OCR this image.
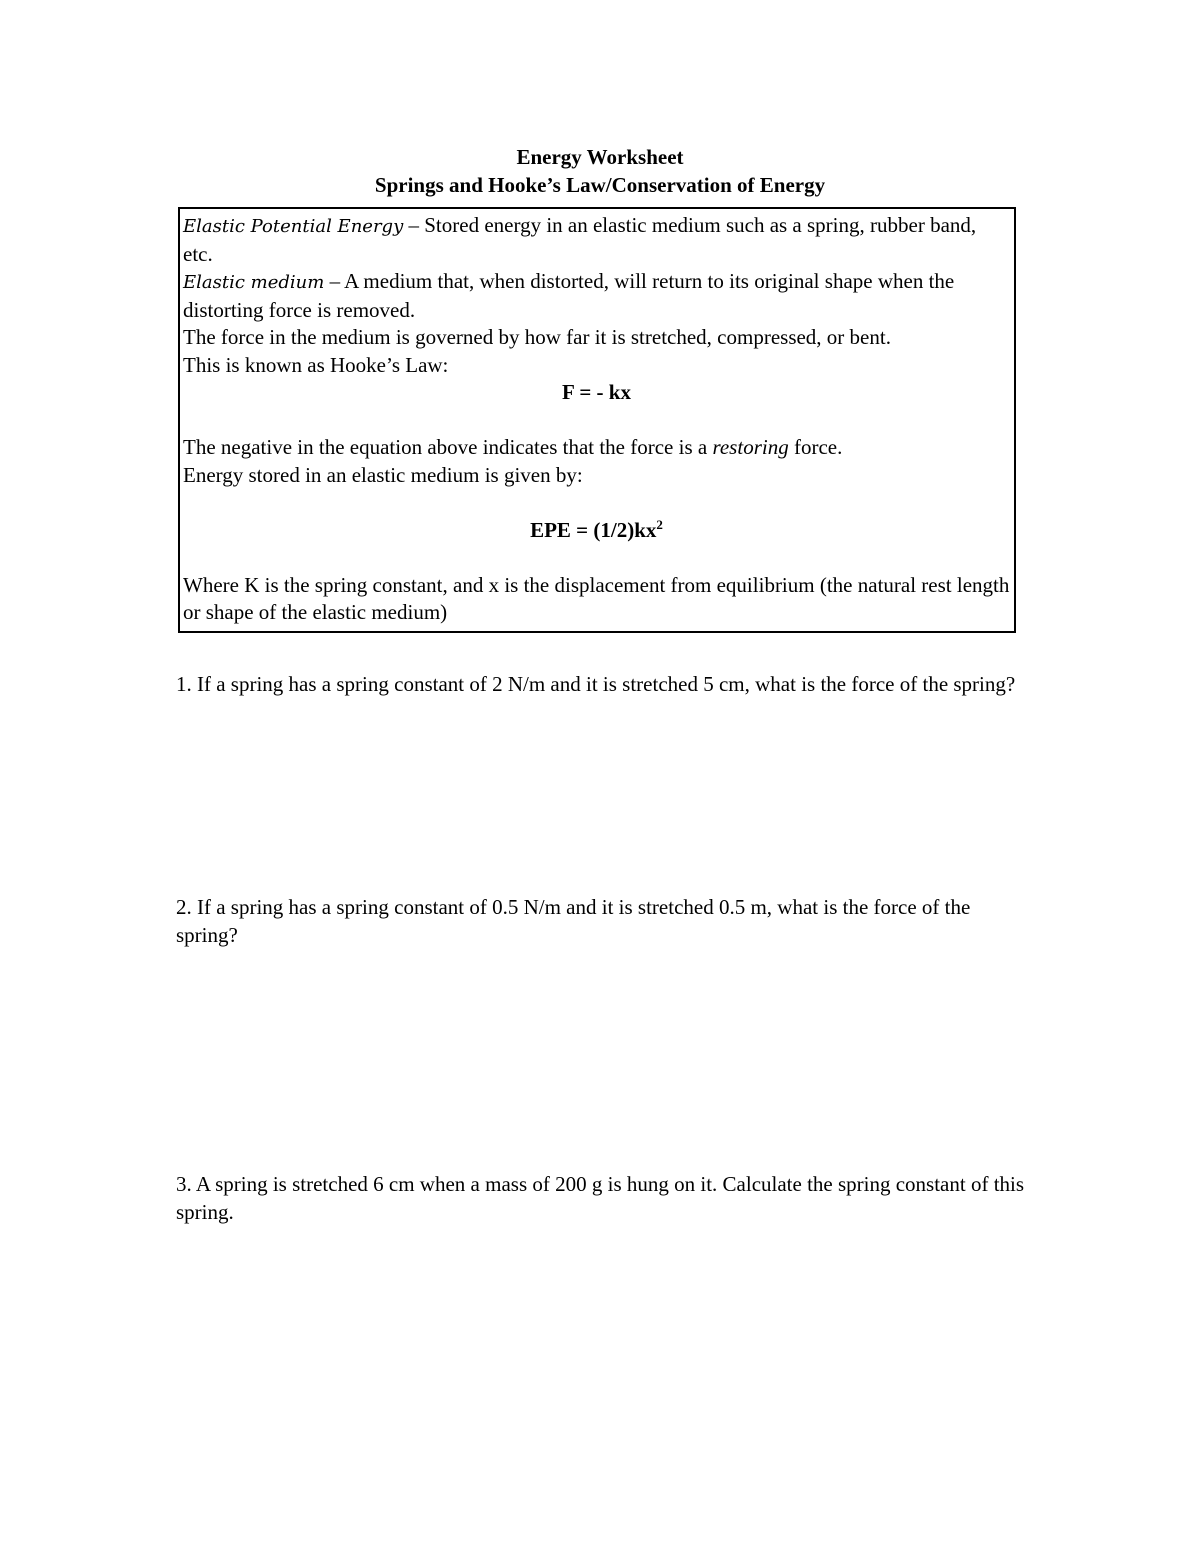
Energy Worksheet
Springs and Hooke’s Law/Conservation of Energy

Elastic Potential Energy – Stored energy in an elastic medium such as a spring, rubber band, etc.

Elastic medium – A medium that, when distorted, will return to its original shape when the distorting force is removed.

The force in the medium is governed by how far it is stretched, compressed, or bent.

This is known as Hooke’s Law:

F = - kx

The negative in the equation above indicates that the force is a restoring force.

Energy stored in an elastic medium is given by:

EPE = $(1/2)kx^2$

Where K is the spring constant, and x is the displacement from equilibrium (the natural rest length or shape of the elastic medium)

1. If a spring has a spring constant of 2 N/m and it is stretched 5 cm, what is the force of the spring?
2. If a spring has a spring constant of 0.5 N/m and it is stretched 0.5 m, what is the force of the spring?
3. A spring is stretched 6 cm when a mass of 200 g is hung on it. Calculate the spring constant of this spring.
